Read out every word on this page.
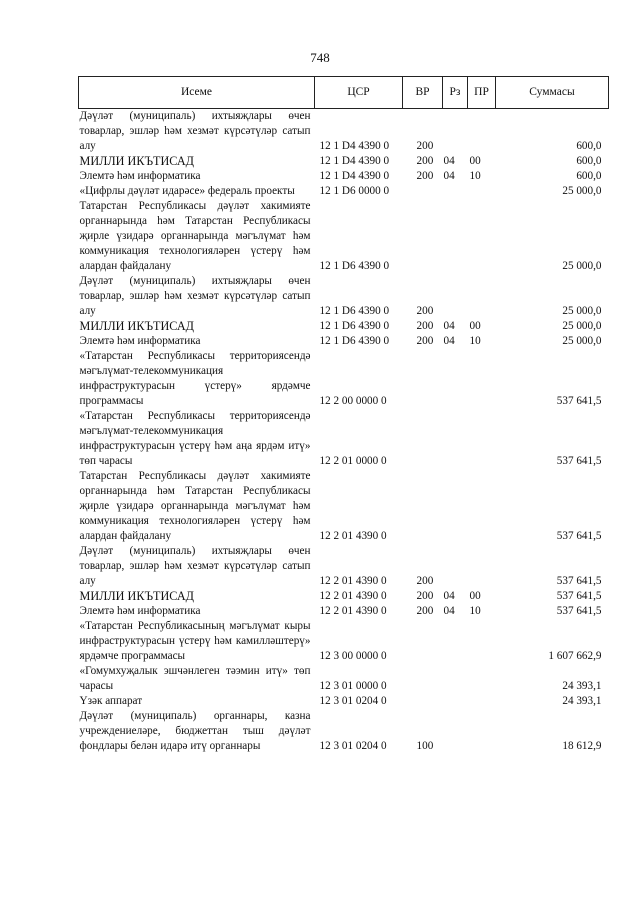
748
Исеме	ЦСР	ВР	Рз	ПР	Суммасы
Дәүләт (муниципаль) ихтыяҗлары өчен товарлар, эшләр һәм хезмәт күрсәтүләр сатып алу	12 1 D4 4390 0	200			600,0
МИЛЛИ ИКЪТИСАД	12 1 D4 4390 0	200	04	00	600,0
Элемтә һәм информатика	12 1 D4 4390 0	200	04	10	600,0
«Цифрлы дәүләт идарәсе» федераль проекты	12 1 D6 0000 0				25 000,0
Татарстан Республикасы дәүләт хакимияте органнарында һәм Татарстан Республикасы җирле үзидарә органнарында мәгълүмат һәм коммуникация технологияләрен үстерү һәм алардан файдалану	12 1 D6 4390 0				25 000,0
Дәүләт (муниципаль) ихтыяҗлары өчен товарлар, эшләр һәм хезмәт күрсәтүләр сатып алу	12 1 D6 4390 0	200			25 000,0
МИЛЛИ ИКЪТИСАД	12 1 D6 4390 0	200	04	00	25 000,0
Элемтә һәм информатика	12 1 D6 4390 0	200	04	10	25 000,0
«Татарстан Республикасы территориясендә мәгълүмат-телекоммуникация инфраструктурасын үстерү» ярдәмче программасы	12 2 00 0000 0				537 641,5
«Татарстан Республикасы территориясендә мәгълүмат-телекоммуникация инфраструктурасын үстерү һәм аңа ярдәм итү» төп чарасы	12 2 01 0000 0				537 641,5
Татарстан Республикасы дәүләт хакимияте органнарында һәм Татарстан Республикасы җирле үзидарә органнарында мәгълүмат һәм коммуникация технологияләрен үстерү һәм алардан файдалану	12 2 01 4390 0				537 641,5
Дәүләт (муниципаль) ихтыяҗлары өчен товарлар, эшләр һәм хезмәт күрсәтүләр сатып алу	12 2 01 4390 0	200			537 641,5
МИЛЛИ ИКЪТИСАД	12 2 01 4390 0	200	04	00	537 641,5
Элемтә һәм информатика	12 2 01 4390 0	200	04	10	537 641,5
«Татарстан Республикасының мәгълүмат кыры инфраструктурасын үстерү һәм камилләштерү» ярдәмче программасы	12 3 00 0000 0				1 607 662,9
«Гомумхуҗалык эшчәнлеген тәэмин итү» төп чарасы	12 3 01 0000 0				24 393,1
Үзәк аппарат	12 3 01 0204 0				24 393,1
Дәүләт (муниципаль) органнары, казна учреждениеләре, бюджеттан тыш дәүләт фондлары белән идарә итү органнары	12 3 01 0204 0	100			18 612,9
